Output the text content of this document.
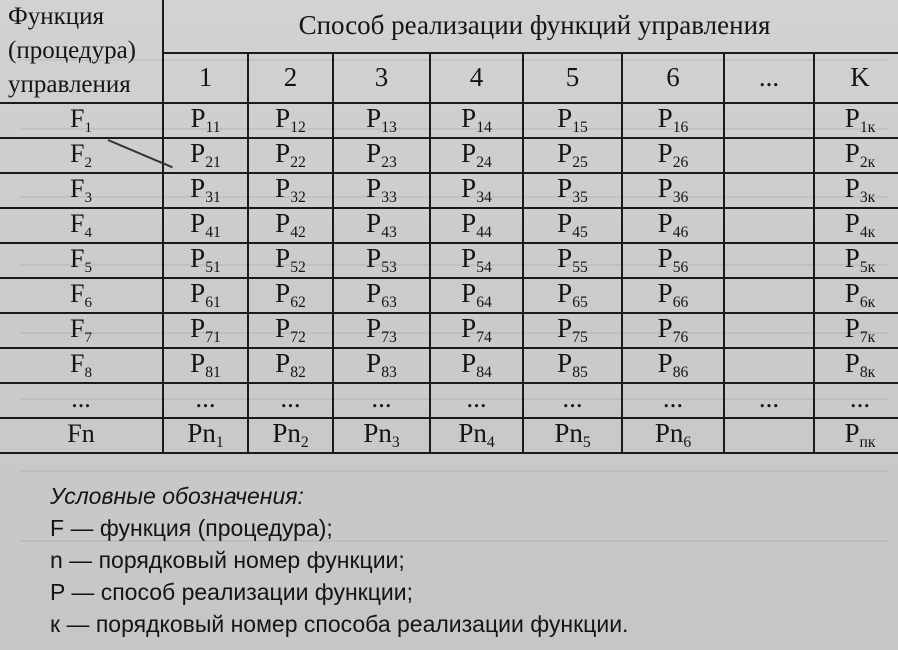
Функция
(процедура)
управления	Способ реализации функций управления							
	1	2	3	4	5	6	...	K
$F_1$	$P_{11}$	$P_{12}$	$P_{13}$	$P_{14}$	$P_{15}$	$P_{16}$		$P_{1к}$
$F_2$	$P_{21}$	$P_{22}$	$P_{23}$	$P_{24}$	$P_{25}$	$P_{26}$		$P_{2к}$
$F_3$	$P_{31}$	$P_{32}$	$P_{33}$	$P_{34}$	$P_{35}$	$P_{36}$		$P_{3к}$
$F_4$	$P_{41}$	$P_{42}$	$P_{43}$	$P_{44}$	$P_{45}$	$P_{46}$		$P_{4к}$
$F_5$	$P_{51}$	$P_{52}$	$P_{53}$	$P_{54}$	$P_{55}$	$P_{56}$		$P_{5к}$
$F_6$	$P_{61}$	$P_{62}$	$P_{63}$	$P_{64}$	$P_{65}$	$P_{66}$		$P_{6к}$
$F_7$	$P_{71}$	$P_{72}$	$P_{73}$	$P_{74}$	$P_{75}$	$P_{76}$		$P_{7к}$
$F_8$	$P_{81}$	$P_{82}$	$P_{83}$	$P_{84}$	$P_{85}$	$P_{86}$		$P_{8к}$
...	...	...	...	...	...	...	...	...
Fn	$Pn_1$	$Pn_2$	$Pn_3$	$Pn_4$	$Pn_5$	$Pn_6$		$P_{пк}$
Условные обозначения:
F — функция (процедура);
n — порядковый номер функции;
P — способ реализации функции;
к — порядковый номер способа реализации функции.
